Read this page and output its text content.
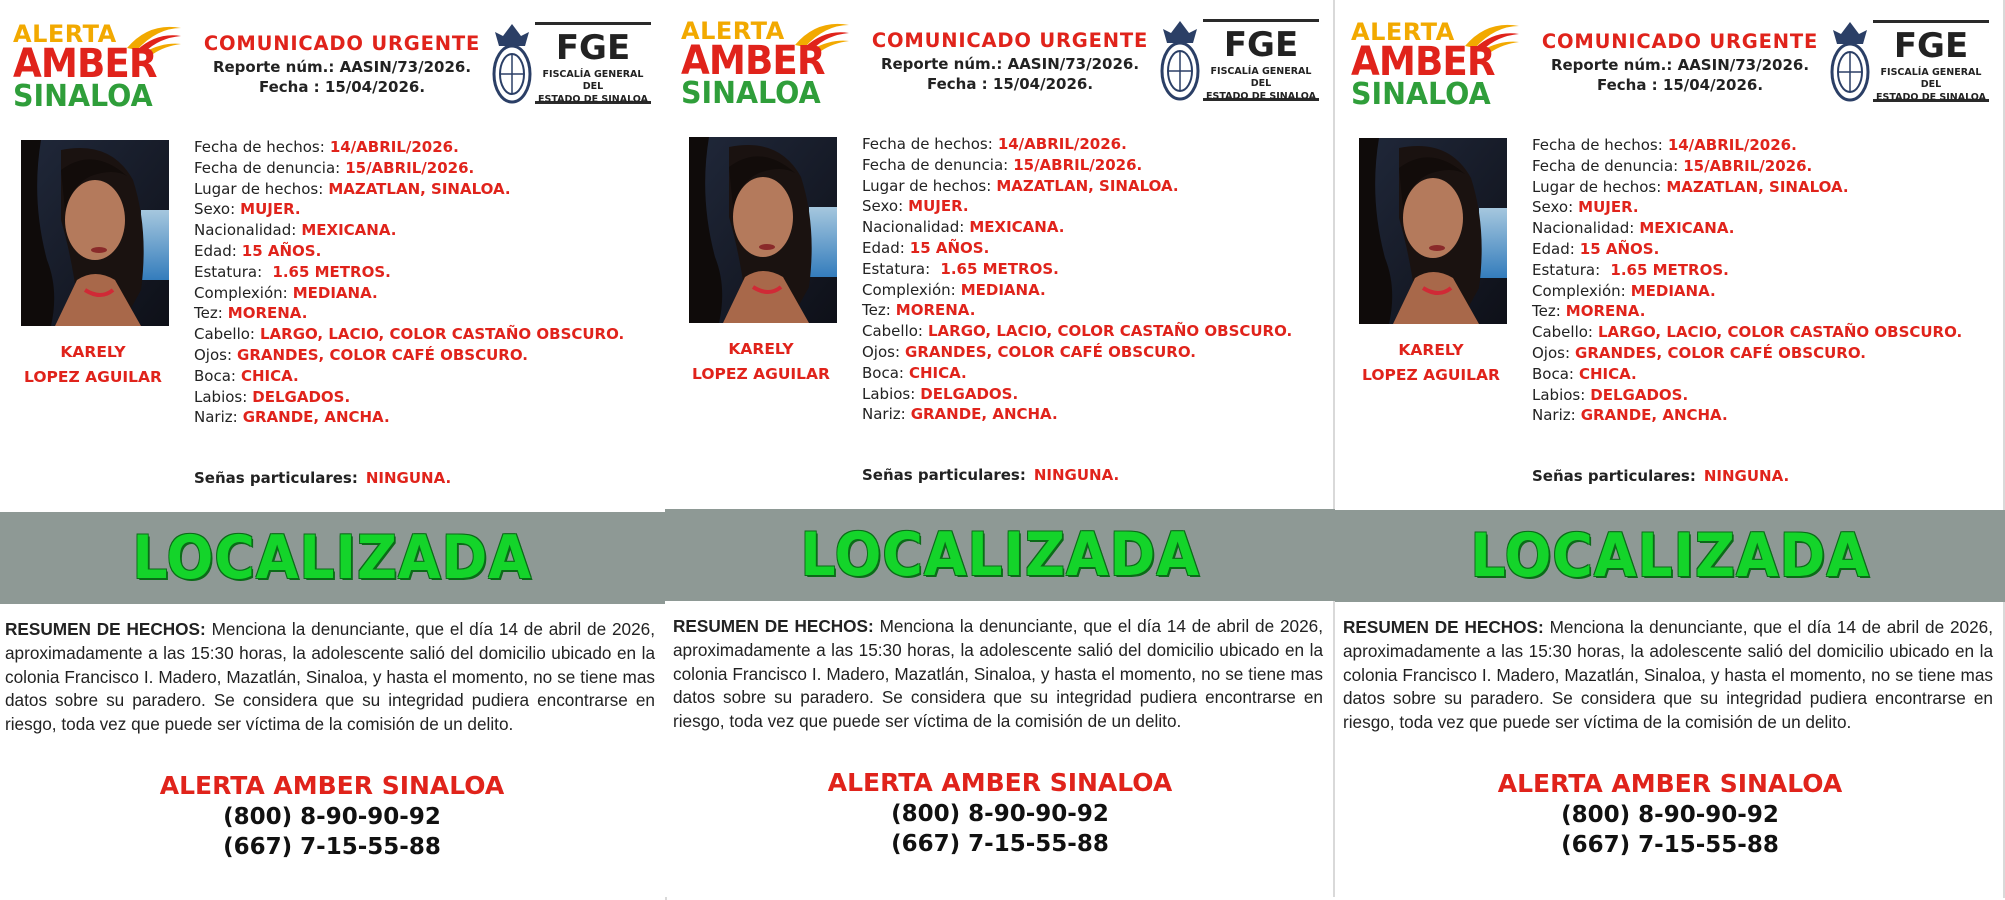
ALERTA
AMBER
SINALOA
COMUNICADO URGENTE
Reporte núm.: AASIN/73/2026.
Fecha : 15/04/2026.
FGE
FISCALÍA GENERAL DEL
ESTADO DE SINALOA
KARELY
LOPEZ AGUILAR
Fecha de hechos: 14/ABRIL/2026.
Fecha de denuncia: 15/ABRIL/2026.
Lugar de hechos: MAZATLAN, SINALOA.
Sexo: MUJER.
Nacionalidad: MEXICANA.
Edad: 15 AÑOS.
Estatura: 1.65 METROS.
Complexión: MEDIANA.
Tez: MORENA.
Cabello: LARGO, LACIO, COLOR CASTAÑO OBSCURO.
Ojos: GRANDES, COLOR CAFÉ OBSCURO.
Boca: CHICA.
Labios: DELGADOS.
Nariz: GRANDE, ANCHA.
Señas particulares: NINGUNA.
LOCALIZADA
RESUMEN DE HECHOS: Menciona la denunciante, que el día 14 de abril de 2026, aproximadamente a las 15:30 horas, la adolescente salió del domicilio ubicado en la colonia Francisco I. Madero, Mazatlán, Sinaloa, y hasta el momento, no se tiene mas datos sobre su paradero. Se considera que su integridad pudiera encontrarse en riesgo, toda vez que puede ser víctima de la comisión de un delito.
ALERTA AMBER SINALOA
(800) 8-90-90-92
(667) 7-15-55-88
ALERTA
AMBER
SINALOA
COMUNICADO URGENTE
Reporte núm.: AASIN/73/2026.
Fecha : 15/04/2026.
FGE
FISCALÍA GENERAL DEL
ESTADO DE SINALOA
KARELY
LOPEZ AGUILAR
Fecha de hechos: 14/ABRIL/2026.
Fecha de denuncia: 15/ABRIL/2026.
Lugar de hechos: MAZATLAN, SINALOA.
Sexo: MUJER.
Nacionalidad: MEXICANA.
Edad: 15 AÑOS.
Estatura: 1.65 METROS.
Complexión: MEDIANA.
Tez: MORENA.
Cabello: LARGO, LACIO, COLOR CASTAÑO OBSCURO.
Ojos: GRANDES, COLOR CAFÉ OBSCURO.
Boca: CHICA.
Labios: DELGADOS.
Nariz: GRANDE, ANCHA.
Señas particulares: NINGUNA.
LOCALIZADA
RESUMEN DE HECHOS: Menciona la denunciante, que el día 14 de abril de 2026, aproximadamente a las 15:30 horas, la adolescente salió del domicilio ubicado en la colonia Francisco I. Madero, Mazatlán, Sinaloa, y hasta el momento, no se tiene mas datos sobre su paradero. Se considera que su integridad pudiera encontrarse en riesgo, toda vez que puede ser víctima de la comisión de un delito.
ALERTA AMBER SINALOA
(800) 8-90-90-92
(667) 7-15-55-88
ALERTA
AMBER
SINALOA
COMUNICADO URGENTE
Reporte núm.: AASIN/73/2026.
Fecha : 15/04/2026.
FGE
FISCALÍA GENERAL DEL
ESTADO DE SINALOA
KARELY
LOPEZ AGUILAR
Fecha de hechos: 14/ABRIL/2026.
Fecha de denuncia: 15/ABRIL/2026.
Lugar de hechos: MAZATLAN, SINALOA.
Sexo: MUJER.
Nacionalidad: MEXICANA.
Edad: 15 AÑOS.
Estatura: 1.65 METROS.
Complexión: MEDIANA.
Tez: MORENA.
Cabello: LARGO, LACIO, COLOR CASTAÑO OBSCURO.
Ojos: GRANDES, COLOR CAFÉ OBSCURO.
Boca: CHICA.
Labios: DELGADOS.
Nariz: GRANDE, ANCHA.
Señas particulares: NINGUNA.
LOCALIZADA
RESUMEN DE HECHOS: Menciona la denunciante, que el día 14 de abril de 2026, aproximadamente a las 15:30 horas, la adolescente salió del domicilio ubicado en la colonia Francisco I. Madero, Mazatlán, Sinaloa, y hasta el momento, no se tiene mas datos sobre su paradero. Se considera que su integridad pudiera encontrarse en riesgo, toda vez que puede ser víctima de la comisión de un delito.
ALERTA AMBER SINALOA
(800) 8-90-90-92
(667) 7-15-55-88
